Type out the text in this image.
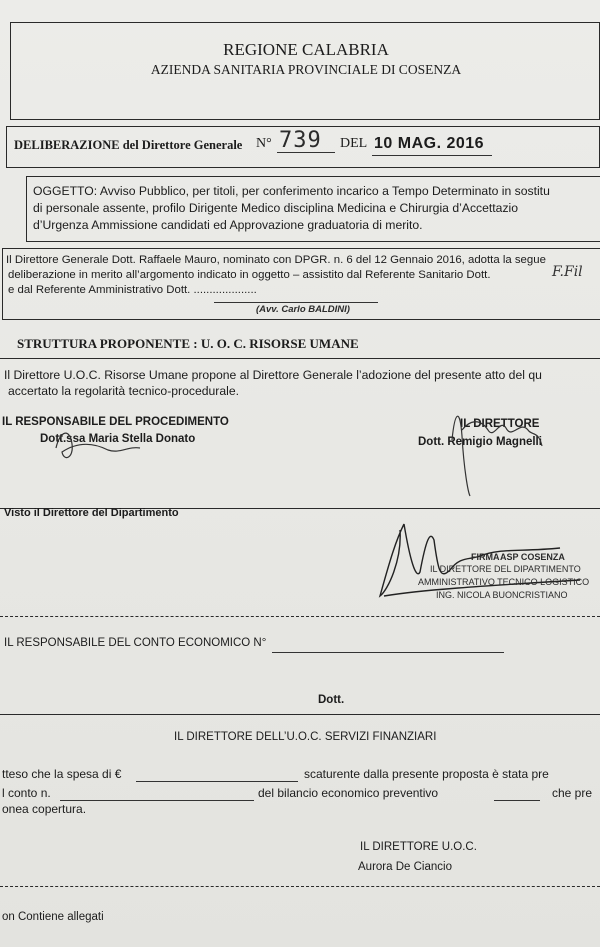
REGIONE CALABRIA
AZIENDA SANITARIA PROVINCIALE DI COSENZA
DELIBERAZIONE del Direttore Generale N° 739 DEL 10 MAG. 2016
OGGETTO: Avviso Pubblico, per titoli, per conferimento incarico a Tempo Determinato in sostitu
di personale assente, profilo Dirigente Medico disciplina Medicina e Chirurgia d’Accettazio
d’Urgenza Ammissione candidati ed Approvazione graduatoria di merito.
Il Direttore Generale Dott. Raffaele Mauro, nominato con DPGR. n. 6 del 12 Gennaio 2016, adotta la segue
deliberazione in merito all’argomento indicato in oggetto – assistito dal Referente Sanitario Dott.	F.Fil
e dal Referente Amministrativo Dott. ....................
(Avv. Carlo BALDINI)
STRUTTURA PROPONENTE : U. O. C. RISORSE UMANE
Il Direttore U.O.C. Risorse Umane propone al Direttore Generale l’adozione del presente atto del qu
accertato la regolarità tecnico-procedurale.
IL RESPONSABILE DEL PROCEDIMENTO
Dott.ssa Maria Stella Donato
IL DIRETTORE
Dott. Remigio Magnelli
Visto il Direttore del Dipartimento
FIRMA ASP COSENZA
IL DIRETTORE DEL DIPARTIMENTO
AMMINISTRATIVO TECNICO LOGISTICO
ING. NICOLA BUONCRISTIANO
IL RESPONSABILE DEL CONTO ECONOMICO N°
Dott.
IL DIRETTORE DELL’U.O.C. SERVIZI FINANZIARI
tteso che la spesa di €	scaturente dalla presente proposta è stata pre
l conto n.	del bilancio economico preventivo	che pre
onea copertura.
IL DIRETTORE U.O.C.
Aurora De Ciancio
on Contiene allegati
